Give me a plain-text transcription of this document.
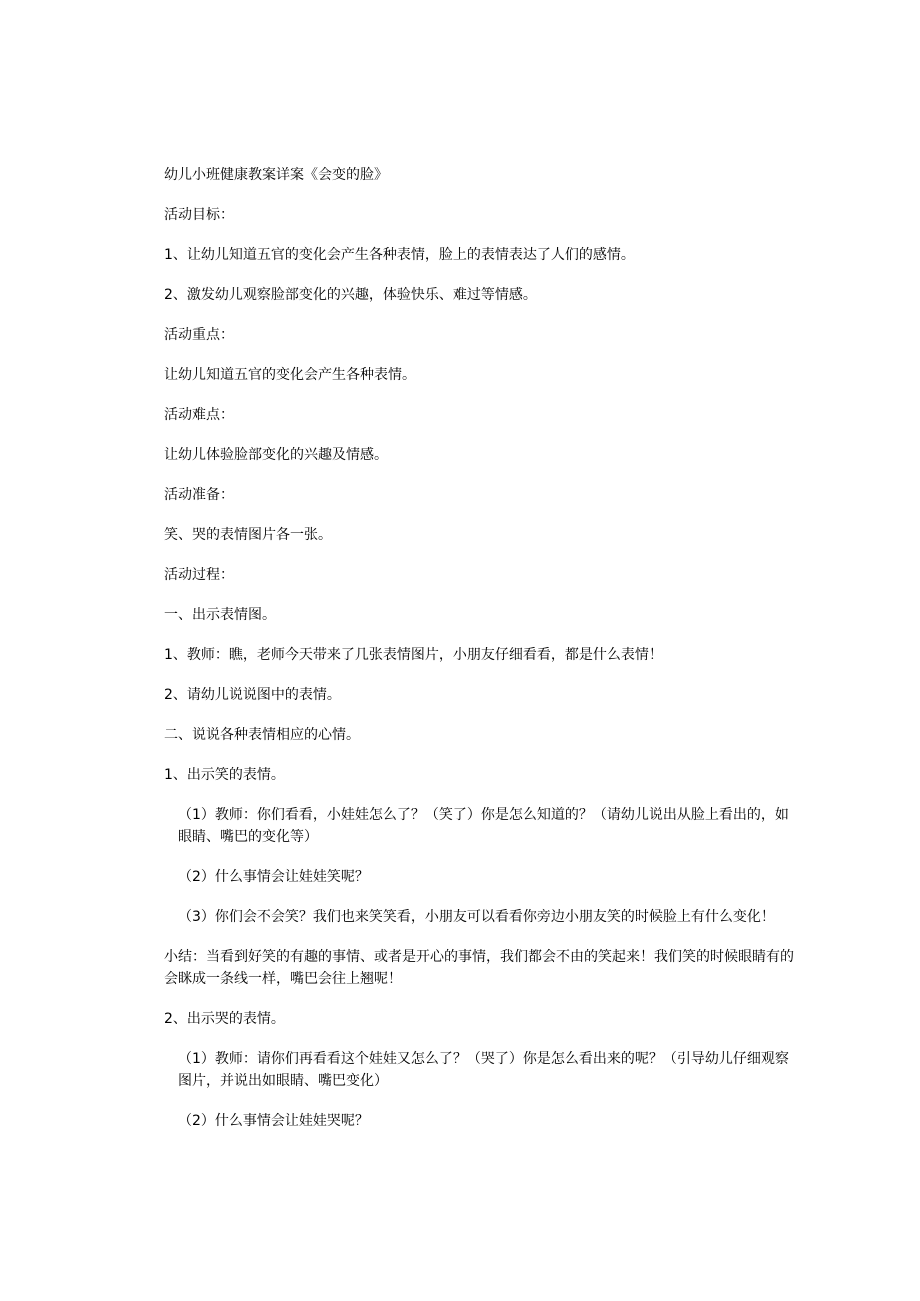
幼儿小班健康教案详案《会变的脸》

活动目标：

1、让幼儿知道五官的变化会产生各种表情，脸上的表情表达了人们的感情。

2、激发幼儿观察脸部变化的兴趣，体验快乐、难过等情感。

活动重点：

让幼儿知道五官的变化会产生各种表情。

活动难点：

让幼儿体验脸部变化的兴趣及情感。

活动准备：

笑、哭的表情图片各一张。

活动过程：

一、出示表情图。

1、教师：瞧，老师今天带来了几张表情图片，小朋友仔细看看，都是什么表情！

2、请幼儿说说图中的表情。

二、说说各种表情相应的心情。

1、出示笑的表情。

（1）教师：你们看看，小娃娃怎么了？（笑了）你是怎么知道的？（请幼儿说出从脸上看出的，如眼睛、嘴巴的变化等）

（2）什么事情会让娃娃笑呢？

（3）你们会不会笑？我们也来笑笑看，小朋友可以看看你旁边小朋友笑的时候脸上有什么变化！

小结：当看到好笑的有趣的事情、或者是开心的事情，我们都会不由的笑起来！我们笑的时候眼睛有的会眯成一条线一样，嘴巴会往上翘呢！

2、出示哭的表情。

（1）教师：请你们再看看这个娃娃又怎么了？（哭了）你是怎么看出来的呢？（引导幼儿仔细观察图片，并说出如眼睛、嘴巴变化）

（2）什么事情会让娃娃哭呢？
